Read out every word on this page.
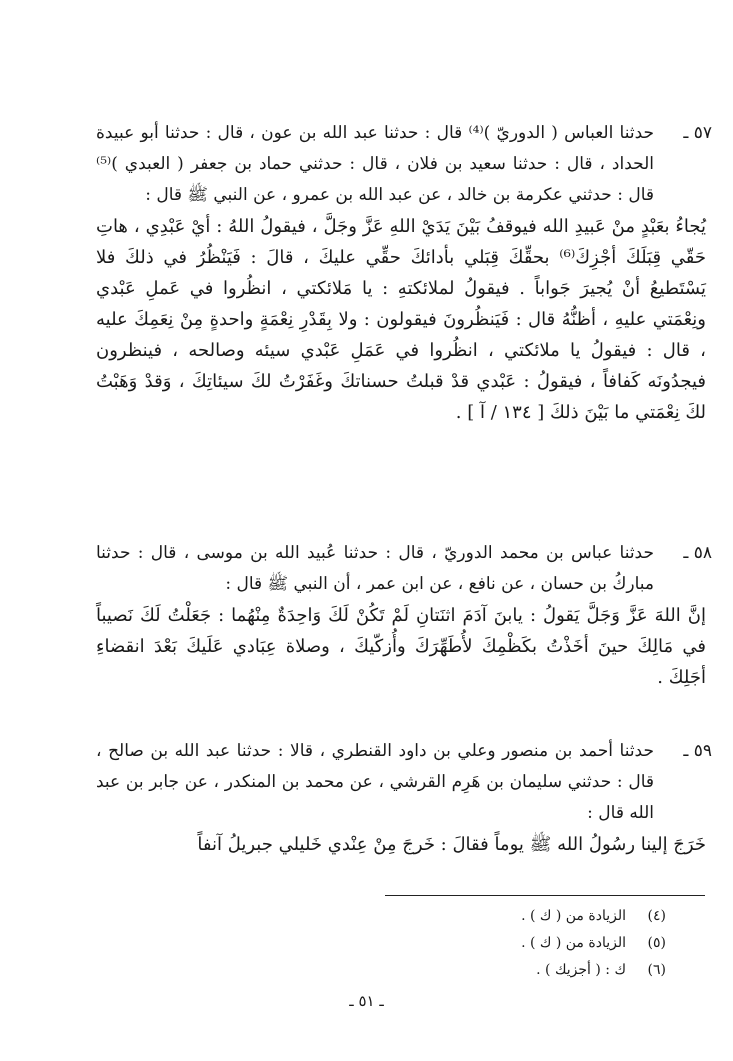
٥٧ ـ

حدثنا العباس ( الدوريّ )⁽⁴⁾ قال : حدثنا عبد الله بن عون ، قال : حدثنا أبو عبيدة الحداد ، قال : حدثنا سعيد بن فلان ، قال : حدثني حماد بن جعفر ( العبدي )⁽⁵⁾ قال : حدثني عكرمة بن خالد ، عن عبد الله بن عمرو ، عن النبي ﷺ قال :

يُجاءُ بعَبْدٍ منْ عَبيدِ الله فيوقفُ بَيْنَ يَدَيْ اللهِ عَزَّ وجَلَّ ، فيقولُ اللهُ : أيْ عَبْدِي ، هاتِ حَقّي قِبَلَكَ أجْزِكَ⁽⁶⁾ بحقِّكَ قِبَلي بأدائكَ حقِّي عليكَ ، قالَ : فَيَنْظُرُ في ذلكَ فلا يَسْتَطيعُ أنْ يُجيرَ جَواباً . فيقولُ لملائكتهِ : يا مَلائكتي ، انظُروا في عَملِ عَبْدي ونِعْمَتي عليهِ ، أظنُّهُ قال : فَيَنظُرونَ فيقولون : ولا بِقَدْرِ نِعْمَةٍ واحدةٍ مِنْ نِعَمِكَ عليه ، قال : فيقولُ يا ملائكتي ، انظُروا في عَمَلِ عَبْدي سيئه وصالحه ، فينظرون فيجدُونَه كَفافاً ، فيقولُ : عَبْدي قدْ قبلتُ حسناتكَ وغَفَرْتُ لكَ سيئاتِكَ ، وَقدْ وَهَبْتُ لكَ نِعْمَتي ما بَيْنَ ذلكَ [ ١٣٤ / آ ] .

٥٨ ـ

حدثنا عباس بن محمد الدوريّ ، قال : حدثنا عُبيد الله بن موسى ، قال : حدثنا مباركُ بن حسان ، عن نافع ، عن ابن عمر ، أن النبي ﷺ قال :

إنَّ اللهَ عَزَّ وَجَلَّ يَقولُ : يابنَ آدَمَ اثنَتانِ لَمْ تَكُنْ لَكَ وَاحِدَةٌ مِنْهُما : جَعَلْتُ لَكَ نَصيباً في مَالِكَ حينَ أخَذْتُ بكَظْمِكَ لأُطَهِّرَكَ وأُزكّيكَ ، وصلاة عِبَادي عَلَيكَ بَعْدَ انقضاءِ أجَلِكَ .

٥٩ ـ

حدثنا أحمد بن منصور وعلي بن داود القنطري ، قالا : حدثنا عبد الله بن صالح ، قال : حدثني سليمان بن هَرِم القرشي ، عن محمد بن المنكدر ، عن جابر بن عبد الله قال :

خَرَجَ إلينا رسُولُ الله ﷺ يوماً فقالَ : خَرجَ مِنْ عِنْدي خَليلي جبريلُ آنفاً

(٤)
الزيادة من ( ك ) .
(٥)
الزيادة من ( ك ) .
(٦)
ك : ( أجزيك ) .
ـ ٥١ ـ
